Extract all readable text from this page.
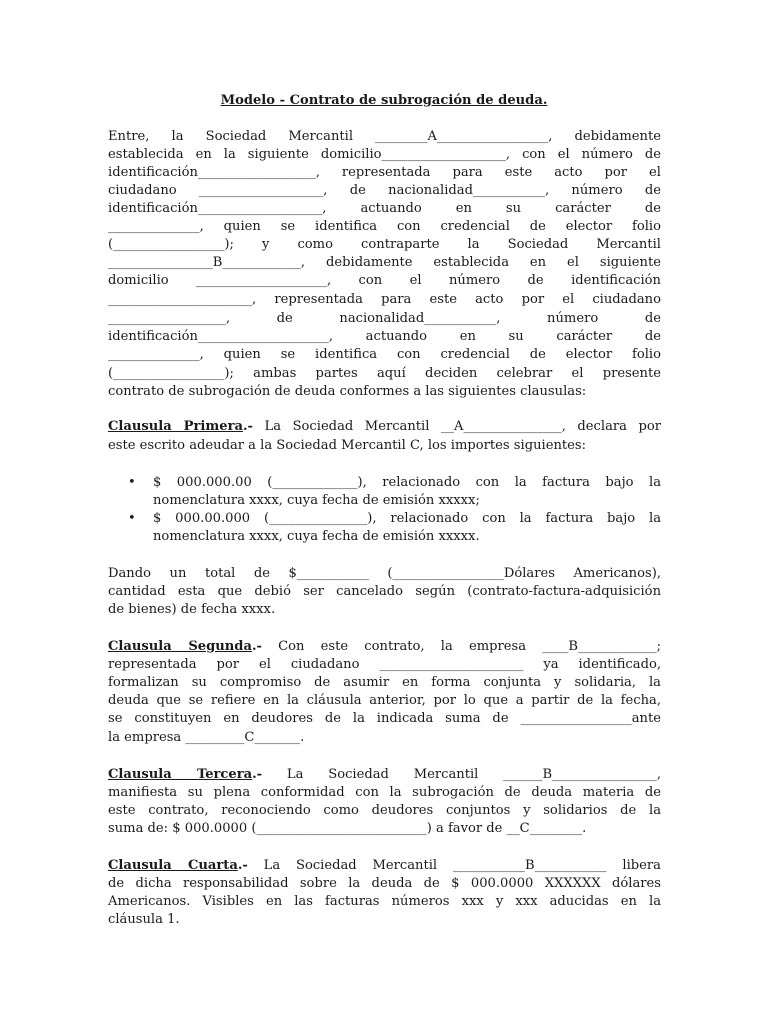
Modelo - Contrato de subrogación de deuda.
Entre, la Sociedad Mercantil ________A_________________, debidamente
establecida en la siguiente domicilio___________________, con el número de
identificación__________________, representada para este acto por el
ciudadano ___________________, de nacionalidad___________, número de
identificación___________________, actuando en su carácter de
______________, quien se identifica con credencial de elector folio
(_________________); y como contraparte la Sociedad Mercantil
________________B____________, debidamente establecida en el siguiente
domicilio ____________________, con el número de identificación
______________________, representada para este acto por el ciudadano
__________________, de nacionalidad___________, número de
identificación____________________, actuando en su carácter de
______________, quien se identifica con credencial de elector folio
(_________________); ambas partes aquí deciden celebrar el presente
contrato de subrogación de deuda conformes a las siguientes clausulas:
Clausula Primera.- La Sociedad Mercantil __A_______________, declara por
este escrito adeudar a la Sociedad Mercantil C, los importes siguientes:
• $ 000.000.00 (_____________), relacionado con la factura bajo la
nomenclatura xxxx, cuya fecha de emisión xxxxx;
• $ 000.00.000 (_______________), relacionado con la factura bajo la
nomenclatura xxxx, cuya fecha de emisión xxxxx.
Dando un total de $___________ (_________________Dólares Americanos),
cantidad esta que debió ser cancelado según (contrato-factura-adquisición
de bienes) de fecha xxxx.
Clausula Segunda.- Con este contrato, la empresa ____B____________;
representada por el ciudadano ______________________ ya identificado,
formalizan su compromiso de asumir en forma conjunta y solidaria, la
deuda que se refiere en la cláusula anterior, por lo que a partir de la fecha,
se constituyen en deudores de la indicada suma de _________________ante
la empresa _________C_______.
Clausula Tercera.- La Sociedad Mercantil ______B________________,
manifiesta su plena conformidad con la subrogación de deuda materia de
este contrato, reconociendo como deudores conjuntos y solidarios de la
suma de: $ 000.0000 (__________________________) a favor de __C________.
Clausula Cuarta.- La Sociedad Mercantil ___________B___________ libera
de dicha responsabilidad sobre la deuda de $ 000.0000 XXXXXX dólares
Americanos. Visibles en las facturas números xxx y xxx aducidas en la
cláusula 1.
